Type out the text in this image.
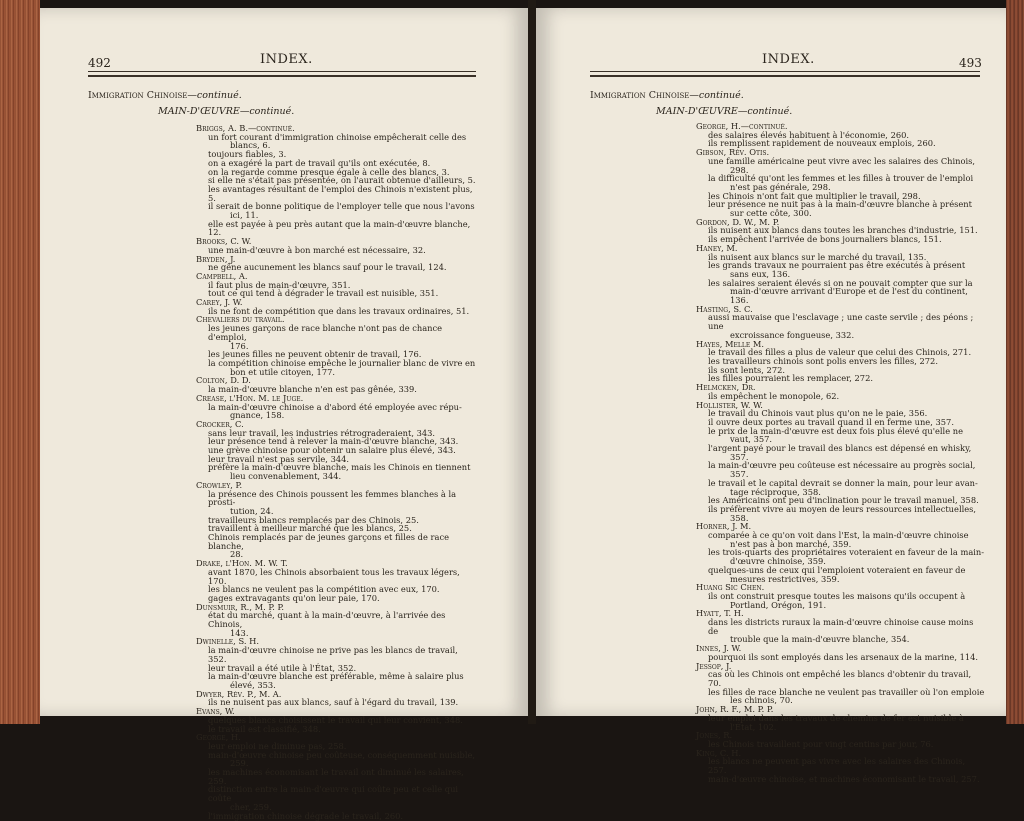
492	INDEX.
Immigration Chinoise—continué.
MAIN-D'ŒUVRE—continué.
Briggs, A. B.—continué.
un fort courant d'immigration chinoise empêcherait celle des
blancs, 6.
toujours fiables, 3.
on a exagéré la part de travail qu'ils ont exécutée, 8.
on la regarde comme presque égale à celle des blancs, 3.
si elle ne s'était pas présentée, on l'aurait obtenue d'ailleurs, 5.
les avantages résultant de l'emploi des Chinois n'existent plus, 5.
il serait de bonne politique de l'employer telle que nous l'avons
ici, 11.
elle est payée à peu près autant que la main-d'œuvre blanche, 12.
Brooks, C. W.
une main-d'œuvre à bon marché est nécessaire, 32.
Bryden, J.
ne gêne aucunement les blancs sauf pour le travail, 124.
Campbell, A.
il faut plus de main-d'œuvre, 351.
tout ce qui tend à dégrader le travail est nuisible, 351.
Carey, J. W.
ils ne font de compétition que dans les travaux ordinaires, 51.
Chevaliers du travail.
les jeunes garçons de race blanche n'ont pas de chance d'emploi,
176.
les jeunes filles ne peuvent obtenir de travail, 176.
la compétition chinoise empêche le journalier blanc de vivre en
bon et utile citoyen, 177.
Colton, D. D.
la main-d'œuvre blanche n'en est pas gênée, 339.
Crease, l'Hon. M. le Juge.
la main-d'œuvre chinoise a d'abord été employée avec répu-
gnance, 158.
Crocker, C.
sans leur travail, les industries rétrograderaient, 343.
leur présence tend à relever la main-d'œuvre blanche, 343.
une grève chinoise pour obtenir un salaire plus élevé, 343.
leur travail n'est pas servile, 344.
préfère la main-d'œuvre blanche, mais les Chinois en tiennent
lieu convenablement, 344.
Crowley, P.
la présence des Chinois poussent les femmes blanches à la prosti-
tution, 24.
travailleurs blancs remplacés par des Chinois, 25.
travaillent à meilleur marché que les blancs, 25.
Chinois remplacés par de jeunes garçons et filles de race blanche,
28.
Drake, l'Hon. M. W. T.
avant 1870, les Chinois absorbaient tous les travaux légers, 170.
les blancs ne veulent pas la compétition avec eux, 170.
gages extravagants qu'on leur paie, 170.
Dunsmuir, R., M. P. P.
état du marché, quant à la main-d'œuvre, à l'arrivée des Chinois,
143.
Dwinelle, S. H.
la main-d'œuvre chinoise ne prive pas les blancs de travail, 352.
leur travail a été utile à l'État, 352.
la main-d'œuvre blanche est préférable, même à salaire plus
élevé, 353.
Dwyer, Rév. P., M. A.
ils ne nuisent pas aux blancs, sauf à l'égard du travail, 139.
Evans, W.
quelques blancs choisissent le travail qui leur convient, 348.
le travail est classifié, 348.
George, H.
leur emploi ne diminue pas, 258.
main-d'œuvre chinoise peu coûteuse, conséquemment nuisible,
259.
les machines économisant le travail ont diminué les salaires, 259.
distinction entre la main-d'œuvre qui coûte peu et celle qui coûte
cher, 259.
l'immigration chinoise dégrade le travail, 260.
INDEX.	493
Immigration Chinoise—continué.
MAIN-D'ŒUVRE—continué.
George, H.—continué.
des salaires élevés habituent à l'économie, 260.
ils remplissent rapidement de nouveaux emplois, 260.
Gibson, Rév. Otis.
une famille américaine peut vivre avec les salaires des Chinois,
298.
la difficulté qu'ont les femmes et les filles à trouver de l'emploi
n'est pas générale, 298.
les Chinois n'ont fait que multiplier le travail, 298.
leur présence ne nuit pas à la main-d'œuvre blanche à présent
sur cette côte, 300.
Gordon, D. W., M. P.
ils nuisent aux blancs dans toutes les branches d'industrie, 151.
ils empêchent l'arrivée de bons journaliers blancs, 151.
Haney, M.
ils nuisent aux blancs sur le marché du travail, 135.
les grands travaux ne pourraient pas être exécutés à présent
sans eux, 136.
les salaires seraient élevés si on ne pouvait compter que sur la
main-d'œuvre arrivant d'Europe et de l'est du continent, 136.
Hasting, S. C.
aussi mauvaise que l'esclavage ; une caste servile ; des péons ; une
excroissance fongueuse, 332.
Hayes, Melle M.
le travail des filles a plus de valeur que celui des Chinois, 271.
les travailleurs chinois sont polis envers les filles, 272.
ils sont lents, 272.
les filles pourraient les remplacer, 272.
Helmcken, Dr.
ils empêchent le monopole, 62.
Hollister, W. W.
le travail du Chinois vaut plus qu'on ne le paie, 356.
il ouvre deux portes au travail quand il en ferme une, 357.
le prix de la main-d'œuvre est deux fois plus élevé qu'elle ne
vaut, 357.
l'argent payé pour le travail des blancs est dépensé en whisky,
357.
la main-d'œuvre peu coûteuse est nécessaire au progrès social,
357.
le travail et le capital devrait se donner la main, pour leur avan-
tage réciproque, 358.
les Américains ont peu d'inclination pour le travail manuel, 358.
ils préfèrent vivre au moyen de leurs ressources intellectuelles,
358.
Horner, J. M.
comparée à ce qu'on voit dans l'Est, la main-d'œuvre chinoise
n'est pas à bon marché, 359.
les trois-quarts des propriétaires voteraient en faveur de la main-
d'œuvre chinoise, 359.
quelques-uns de ceux qui l'emploient voteraient en faveur de
mesures restrictives, 359.
Huang Sic Chen.
ils ont construit presque toutes les maisons qu'ils occupent à
Portland, Orégon, 191.
Hyatt, T. H.
dans les districts ruraux la main-d'œuvre chinoise cause moins de
trouble que la main-d'œuvre blanche, 354.
Innes, J. W.
pourquoi ils sont employés dans les arsenaux de la marine, 114.
Jessop, J.
cas où les Chinois ont empêché les blancs d'obtenir du travail, 70.
les filles de race blanche ne veulent pas travailler où l'on emploie
les chinois, 70.
John, R. F., M. P. P.
leur emploi dans les travaux de chemins de fer est nuisible à
l'État, 102.
Jones, R.
les Chinois travaillent pour vingt centins par jour, 76.
King, C. H.
les blancs ne peuvent pas vivre avec les salaires des Chinois, 257.
main-d'œuvre chinoise, et machines économisant le travail, 257.
